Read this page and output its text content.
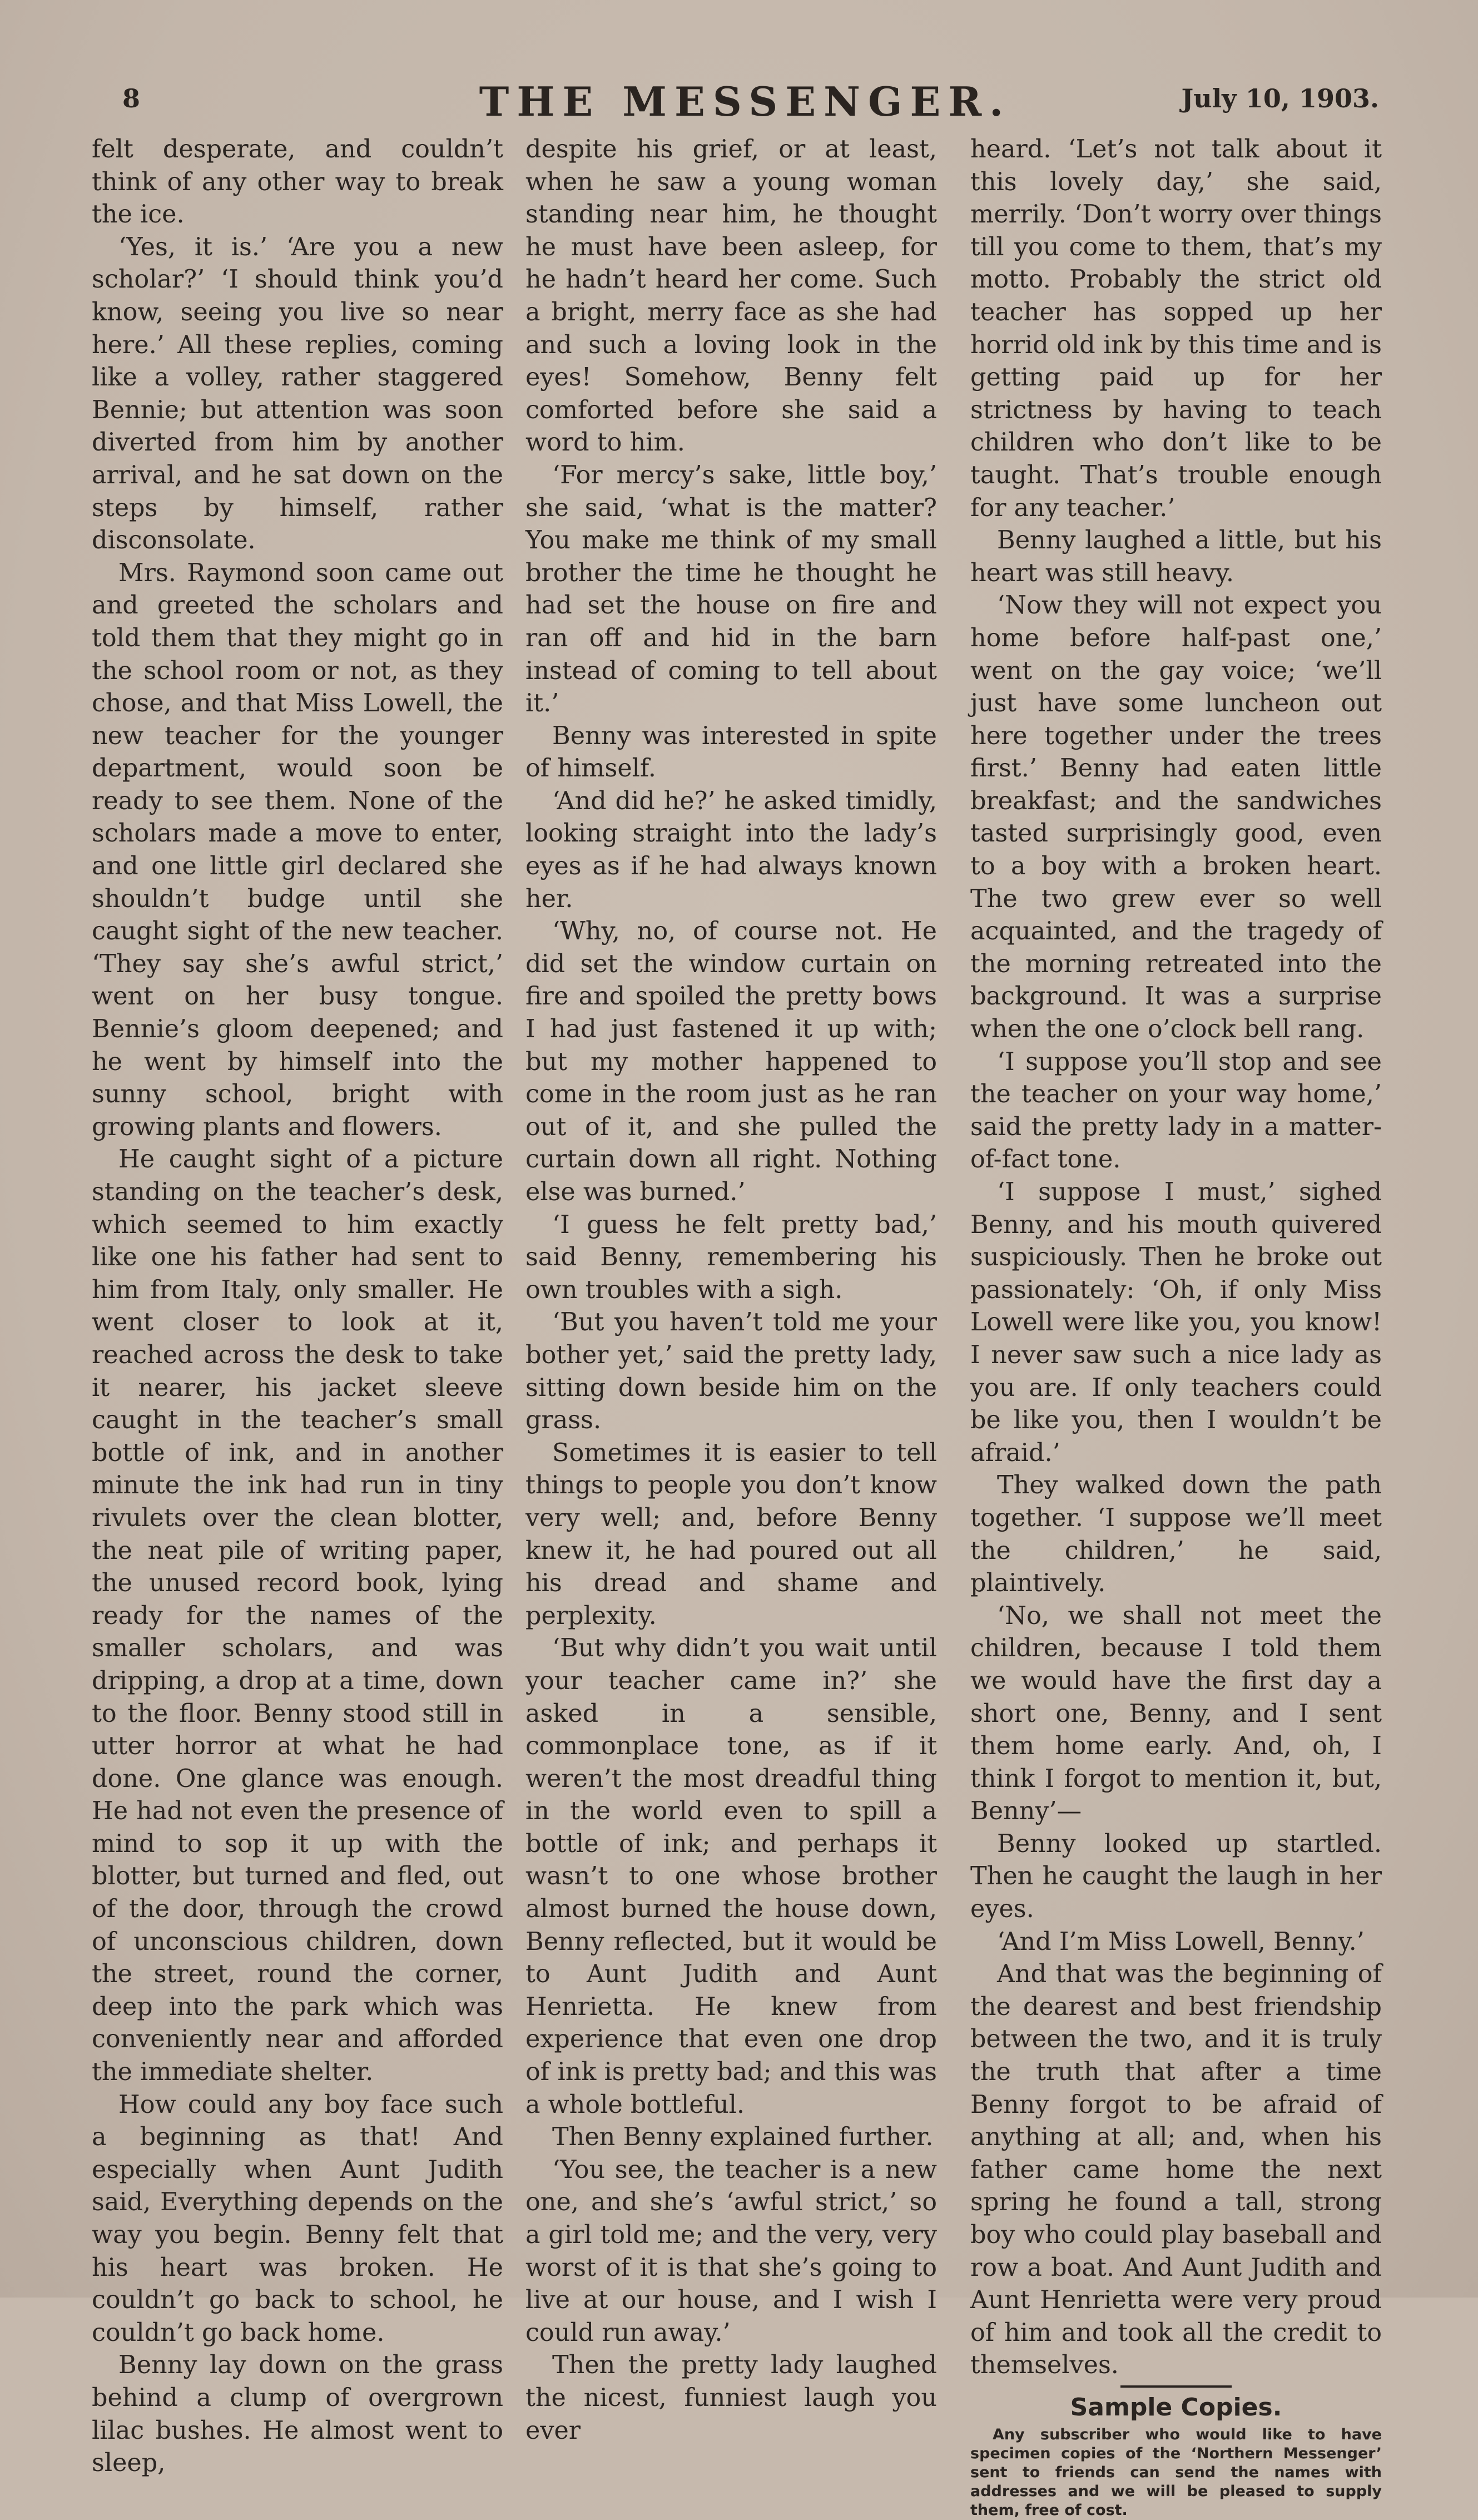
8	THE MESSENGER.	July 10, 1903.

felt desperate, and couldn’t think of any other way to break the ice.

‘Yes, it is.’ ‘Are you a new scholar?’ ‘I should think you’d know, seeing you live so near here.’ All these replies, coming like a volley, rather staggered Bennie; but attention was soon diverted from him by another arrival, and he sat down on the steps by himself, rather disconsolate.

Mrs. Raymond soon came out and greeted the scholars and told them that they might go in the school room or not, as they chose, and that Miss Lowell, the new teacher for the younger department, would soon be ready to see them. None of the scholars made a move to enter, and one little girl declared she shouldn’t budge until she caught sight of the new teacher. ‘They say she’s awful strict,’ went on her busy tongue. Bennie’s gloom deepened; and he went by himself into the sunny school, bright with growing plants and flowers.

He caught sight of a picture standing on the teacher’s desk, which seemed to him exactly like one his father had sent to him from Italy, only smaller. He went closer to look at it, reached across the desk to take it nearer, his jacket sleeve caught in the teacher’s small bottle of ink, and in another minute the ink had run in tiny rivulets over the clean blotter, the neat pile of writing paper, the unused record book, lying ready for the names of the smaller scholars, and was dripping, a drop at a time, down to the floor. Benny stood still in utter horror at what he had done. One glance was enough. He had not even the presence of mind to sop it up with the blotter, but turned and fled, out of the door, through the crowd of unconscious children, down the street, round the corner, deep into the park which was conveniently near and afforded the immediate shelter.

How could any boy face such a beginning as that! And especially when Aunt Judith said, Everything depends on the way you begin. Benny felt that his heart was broken. He couldn’t go back to school, he couldn’t go back home.

Benny lay down on the grass behind a clump of overgrown lilac bushes. He almost went to sleep,

despite his grief, or at least, when he saw a young woman standing near him, he thought he must have been asleep, for he hadn’t heard her come. Such a bright, merry face as she had and such a loving look in the eyes! Somehow, Benny felt comforted before she said a word to him.

‘For mercy’s sake, little boy,’ she said, ‘what is the matter? You make me think of my small brother the time he thought he had set the house on fire and ran off and hid in the barn instead of coming to tell about it.’

Benny was interested in spite of himself.

‘And did he?’ he asked timidly, looking straight into the lady’s eyes as if he had always known her.

‘Why, no, of course not. He did set the window curtain on fire and spoiled the pretty bows I had just fastened it up with; but my mother happened to come in the room just as he ran out of it, and she pulled the curtain down all right. Nothing else was burned.’

‘I guess he felt pretty bad,’ said Benny, remembering his own troubles with a sigh.

‘But you haven’t told me your bother yet,’ said the pretty lady, sitting down beside him on the grass.

Sometimes it is easier to tell things to people you don’t know very well; and, before Benny knew it, he had poured out all his dread and shame and perplexity.

‘But why didn’t you wait until your teacher came in?’ she asked in a sensible, commonplace tone, as if it weren’t the most dreadful thing in the world even to spill a bottle of ink; and perhaps it wasn’t to one whose brother almost burned the house down, Benny reflected, but it would be to Aunt Judith and Aunt Henrietta. He knew from experience that even one drop of ink is pretty bad; and this was a whole bottleful.

Then Benny explained further.

‘You see, the teacher is a new one, and she’s ‘awful strict,’ so a girl told me; and the very, very worst of it is that she’s going to live at our house, and I wish I could run away.’

Then the pretty lady laughed the nicest, funniest laugh you ever

heard. ‘Let’s not talk about it this lovely day,’ she said, merrily. ‘Don’t worry over things till you come to them, that’s my motto. Probably the strict old teacher has sopped up her horrid old ink by this time and is getting paid up for her strictness by having to teach children who don’t like to be taught. That’s trouble enough for any teacher.’

Benny laughed a little, but his heart was still heavy.

‘Now they will not expect you home before half-past one,’ went on the gay voice; ‘we’ll just have some luncheon out here together under the trees first.’ Benny had eaten little breakfast; and the sandwiches tasted surprisingly good, even to a boy with a broken heart. The two grew ever so well acquainted, and the tragedy of the morning retreated into the background. It was a surprise when the one o’clock bell rang.

‘I suppose you’ll stop and see the teacher on your way home,’ said the pretty lady in a matter-of-fact tone.

‘I suppose I must,’ sighed Benny, and his mouth quivered suspiciously. Then he broke out passionately: ‘Oh, if only Miss Lowell were like you, you know! I never saw such a nice lady as you are. If only teachers could be like you, then I wouldn’t be afraid.’

They walked down the path together. ‘I suppose we’ll meet the children,’ he said, plaintively.

‘No, we shall not meet the children, because I told them we would have the first day a short one, Benny, and I sent them home early. And, oh, I think I forgot to mention it, but, Benny’—

Benny looked up startled. Then he caught the laugh in her eyes.

‘And I’m Miss Lowell, Benny.’

And that was the beginning of the dearest and best friendship between the two, and it is truly the truth that after a time Benny forgot to be afraid of anything at all; and, when his father came home the next spring he found a tall, strong boy who could play baseball and row a boat. And Aunt Judith and Aunt Henrietta were very proud of him and took all the credit to themselves.

Sample Copies.
Any subscriber who would like to have specimen copies of the ‘Northern Messenger’ sent to friends can send the names with addresses and we will be pleased to supply them, free of cost.
